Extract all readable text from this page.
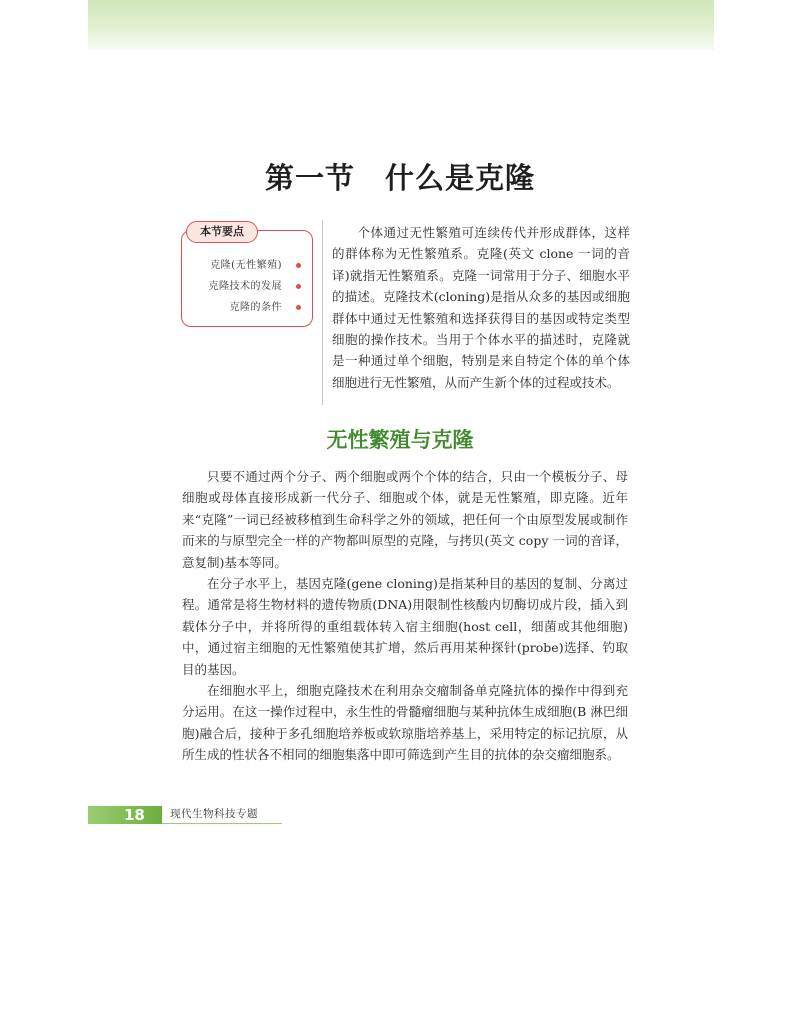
第一节　什么是克隆
本节要点
克隆(无性繁殖)
克隆技术的发展
克隆的条件
个体通过无性繁殖可连续传代并形成群体，这样的群体称为无性繁殖系。克隆(英文 clone 一词的音译)就指无性繁殖系。克隆一词常用于分子、细胞水平的描述。克隆技术(cloning)是指从众多的基因或细胞群体中通过无性繁殖和选择获得目的基因或特定类型细胞的操作技术。当用于个体水平的描述时，克隆就是一种通过单个细胞，特别是来自特定个体的单个体细胞进行无性繁殖，从而产生新个体的过程或技术。
无性繁殖与克隆

只要不通过两个分子、两个细胞或两个个体的结合，只由一个模板分子、母细胞或母体直接形成新一代分子、细胞或个体，就是无性繁殖，即克隆。近年来“克隆”一词已经被移植到生命科学之外的领域，把任何一个由原型发展或制作而来的与原型完全一样的产物都叫原型的克隆，与拷贝(英文 copy 一词的音译，意复制)基本等同。

在分子水平上，基因克隆(gene cloning)是指某种目的基因的复制、分离过程。通常是将生物材料的遗传物质(DNA)用限制性核酸内切酶切成片段，插入到载体分子中，并将所得的重组载体转入宿主细胞(host cell，细菌或其他细胞)中，通过宿主细胞的无性繁殖使其扩增，然后再用某种探针(probe)选择、钓取目的基因。

在细胞水平上，细胞克隆技术在利用杂交瘤制备单克隆抗体的操作中得到充分运用。在这一操作过程中，永生性的骨髓瘤细胞与某种抗体生成细胞(B 淋巴细胞)融合后，接种于多孔细胞培养板或软琼脂培养基上，采用特定的标记抗原，从所生成的性状各不相同的细胞集落中即可筛选到产生目的抗体的杂交瘤细胞系。

18	现代生物科技专题
